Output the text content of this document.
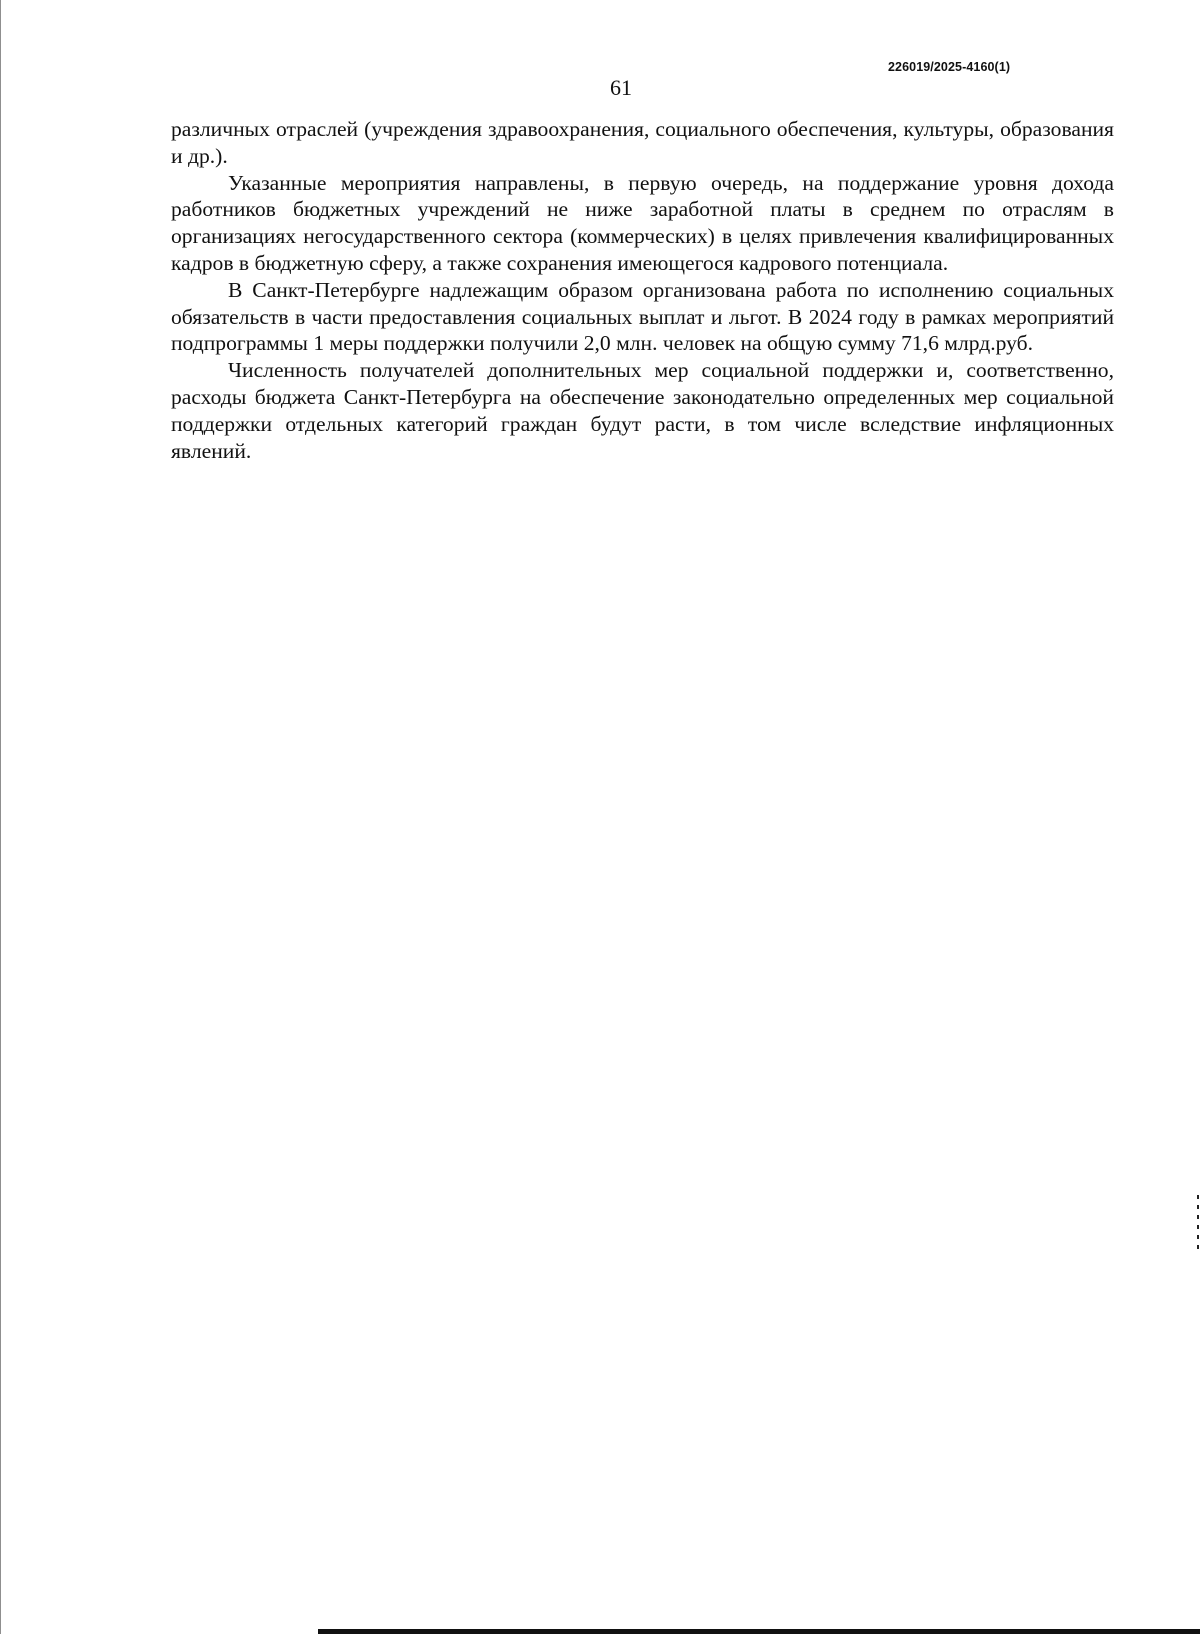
226019/2025-4160(1)
61

различных отраслей (учреждения здравоохранения, социального обеспечения, культуры, образования и др.).

Указанные мероприятия направлены, в первую очередь, на поддержание уровня дохода работников бюджетных учреждений не ниже заработной платы в среднем по отраслям в организациях негосударственного сектора (коммерческих) в целях привлечения квалифицированных кадров в бюджетную сферу, а также сохранения имеющегося кадрового потенциала.

В Санкт-Петербурге надлежащим образом организована работа по исполнению социальных обязательств в части предоставления социальных выплат и льгот. В 2024 году в рамках мероприятий подпрограммы 1 меры поддержки получили 2,0 млн. человек на общую сумму 71,6 млрд.руб.

Численность получателей дополнительных мер социальной поддержки и, соответственно, расходы бюджета Санкт-Петербурга на обеспечение законодательно определенных мер социальной поддержки отдельных категорий граждан будут расти, в том числе вследствие инфляционных явлений.
